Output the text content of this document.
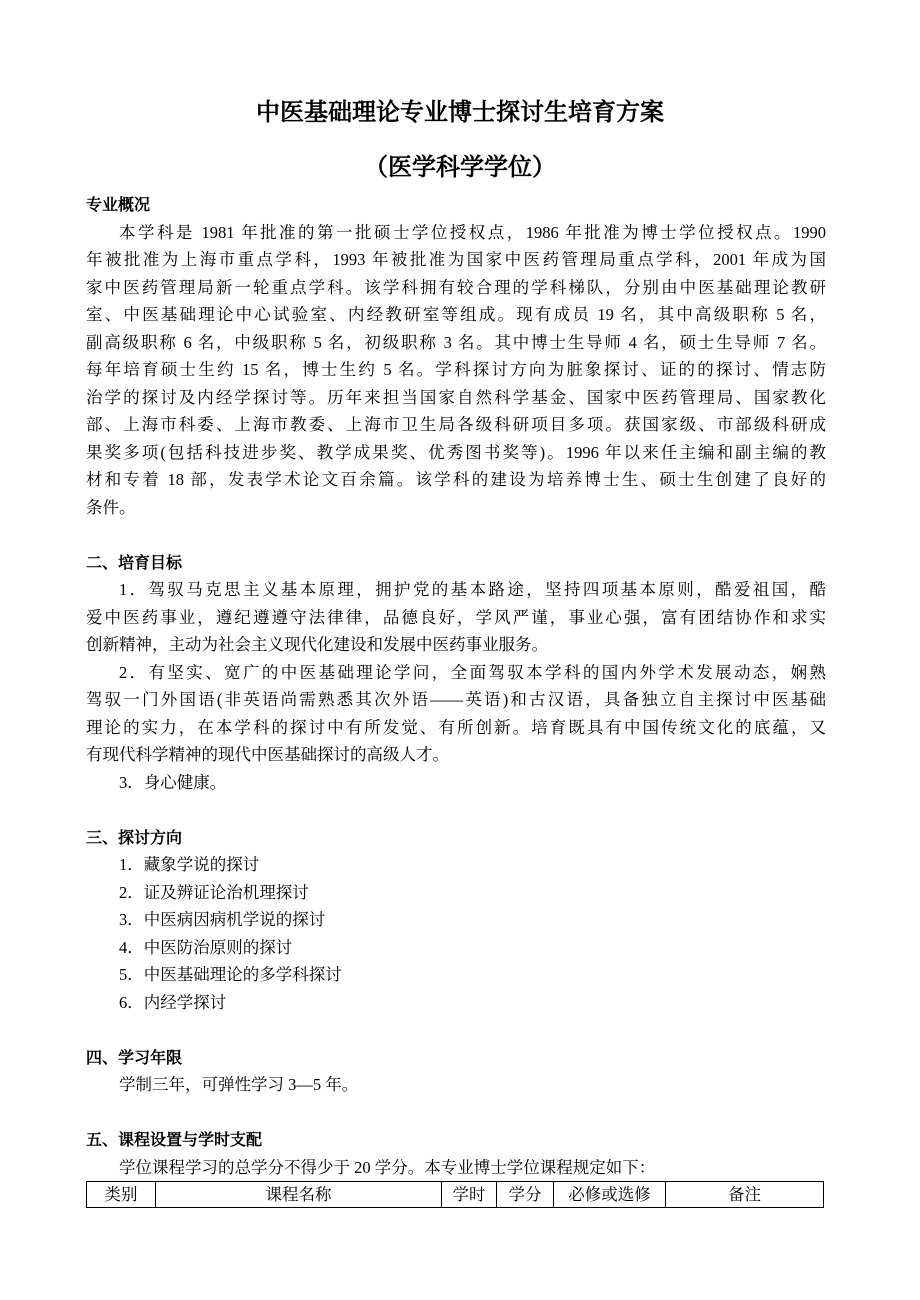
中医基础理论专业博士探讨生培育方案
（医学科学学位）
专业概况
本学科是 1981 年批准的第一批硕士学位授权点，1986 年批准为博士学位授权点。1990
年被批准为上海市重点学科，1993 年被批准为国家中医药管理局重点学科，2001 年成为国
家中医药管理局新一轮重点学科。该学科拥有较合理的学科梯队，分别由中医基础理论教研
室、中医基础理论中心试验室、内经教研室等组成。现有成员 19 名，其中高级职称 5 名，
副高级职称 6 名，中级职称 5 名，初级职称 3 名。其中博士生导师 4 名，硕士生导师 7 名。
每年培育硕士生约 15 名，博士生约 5 名。学科探讨方向为脏象探讨、证的的探讨、情志防
治学的探讨及内经学探讨等。历年来担当国家自然科学基金、国家中医药管理局、国家教化
部、上海市科委、上海市教委、上海市卫生局各级科研项目多项。获国家级、市部级科研成
果奖多项(包括科技进步奖、教学成果奖、优秀图书奖等)。1996 年以来任主编和副主编的教
材和专着 18 部，发表学术论文百余篇。该学科的建设为培养博士生、硕士生创建了良好的
条件。
二、培育目标
1．驾驭马克思主义基本原理，拥护党的基本路途，坚持四项基本原则，酷爱祖国，酷
爱中医药事业，遵纪遵遵守法律律，品德良好，学风严谨，事业心强，富有团结协作和求实
创新精神，主动为社会主义现代化建设和发展中医药事业服务。
2．有坚实、宽广的中医基础理论学问，全面驾驭本学科的国内外学术发展动态，娴熟
驾驭一门外国语(非英语尚需熟悉其次外语——英语)和古汉语，具备独立自主探讨中医基础
理论的实力，在本学科的探讨中有所发觉、有所创新。培育既具有中国传统文化的底蕴，又
有现代科学精神的现代中医基础探讨的高级人才。
3．身心健康。
三、探讨方向
1．藏象学说的探讨
2．证及辨证论治机理探讨
3．中医病因病机学说的探讨
4．中医防治原则的探讨
5．中医基础理论的多学科探讨
6．内经学探讨
四、学习年限
学制三年，可弹性学习 3—5 年。
五、课程设置与学时支配
学位课程学习的总学分不得少于 20 学分。本专业博士学位课程规定如下：
类别	课程名称	学时	学分	必修或选修	备注
